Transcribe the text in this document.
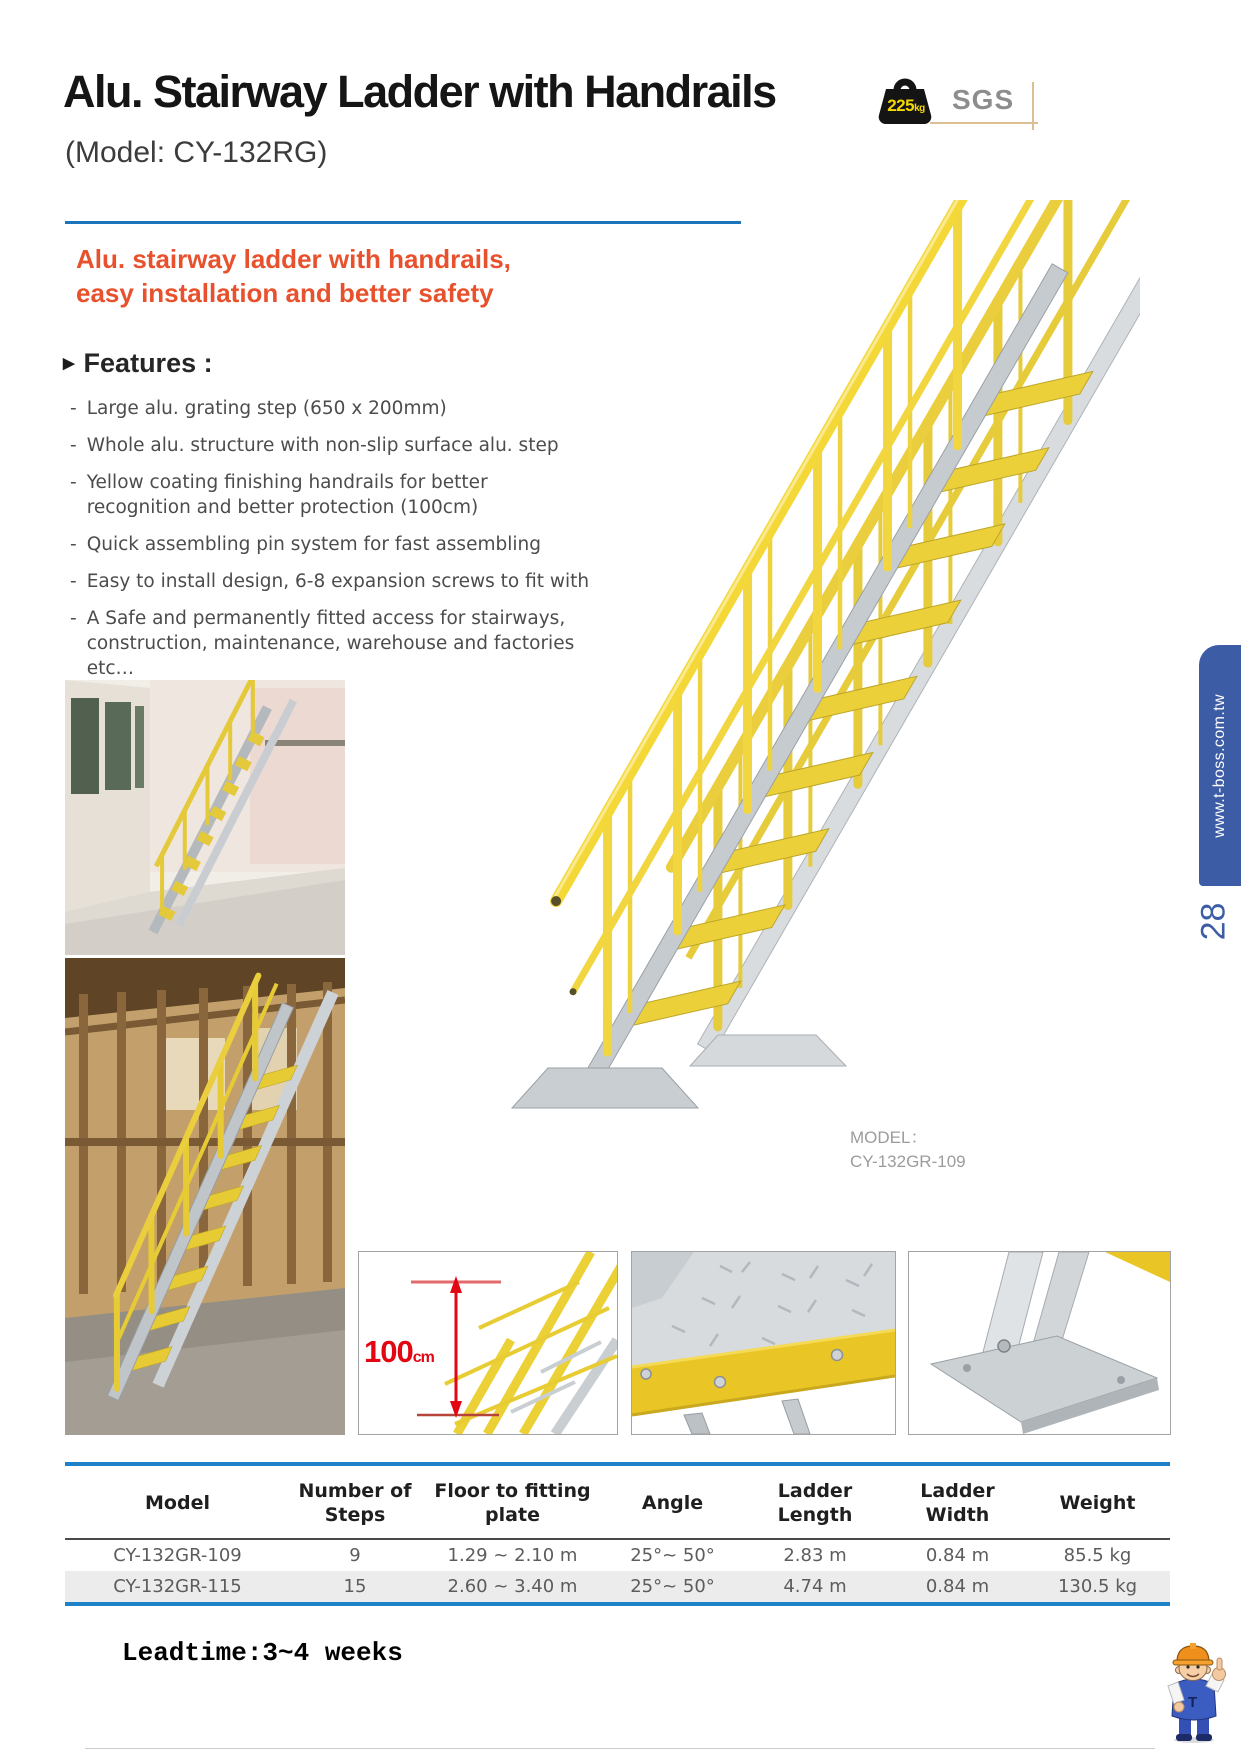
Alu. Stairway Ladder with Handrails	225kg SGS
(Model: CY-132RG)
Alu. stairway ladder with handrails,
easy installation and better safety
▶ Features :
- Large alu. grating step (650 x 200mm)
- Whole alu. structure with non-slip surface alu. step
- Yellow coating finishing handrails for better recognition and better protection (100cm)
- Quick assembling pin system for fast assembling
- Easy to install design, 6-8 expansion screws to fit with
- A Safe and permanently fitted access for stairways, construction, maintenance, warehouse and factories etc…
MODEL：
CY-132GR-109
100cm
Model	Number of Steps	Floor to fitting plate	Angle	Ladder Length	Ladder Width	Weight
CY-132GR-109	9	1.29 ~ 2.10 m	25°~ 50°	2.83 m	0.84 m	85.5 kg
CY-132GR-115	15	2.60 ~ 3.40 m	25°~ 50°	4.74 m	0.84 m	130.5 kg
Leadtime:3~4 weeks
www.t-boss.com.tw
28
T
